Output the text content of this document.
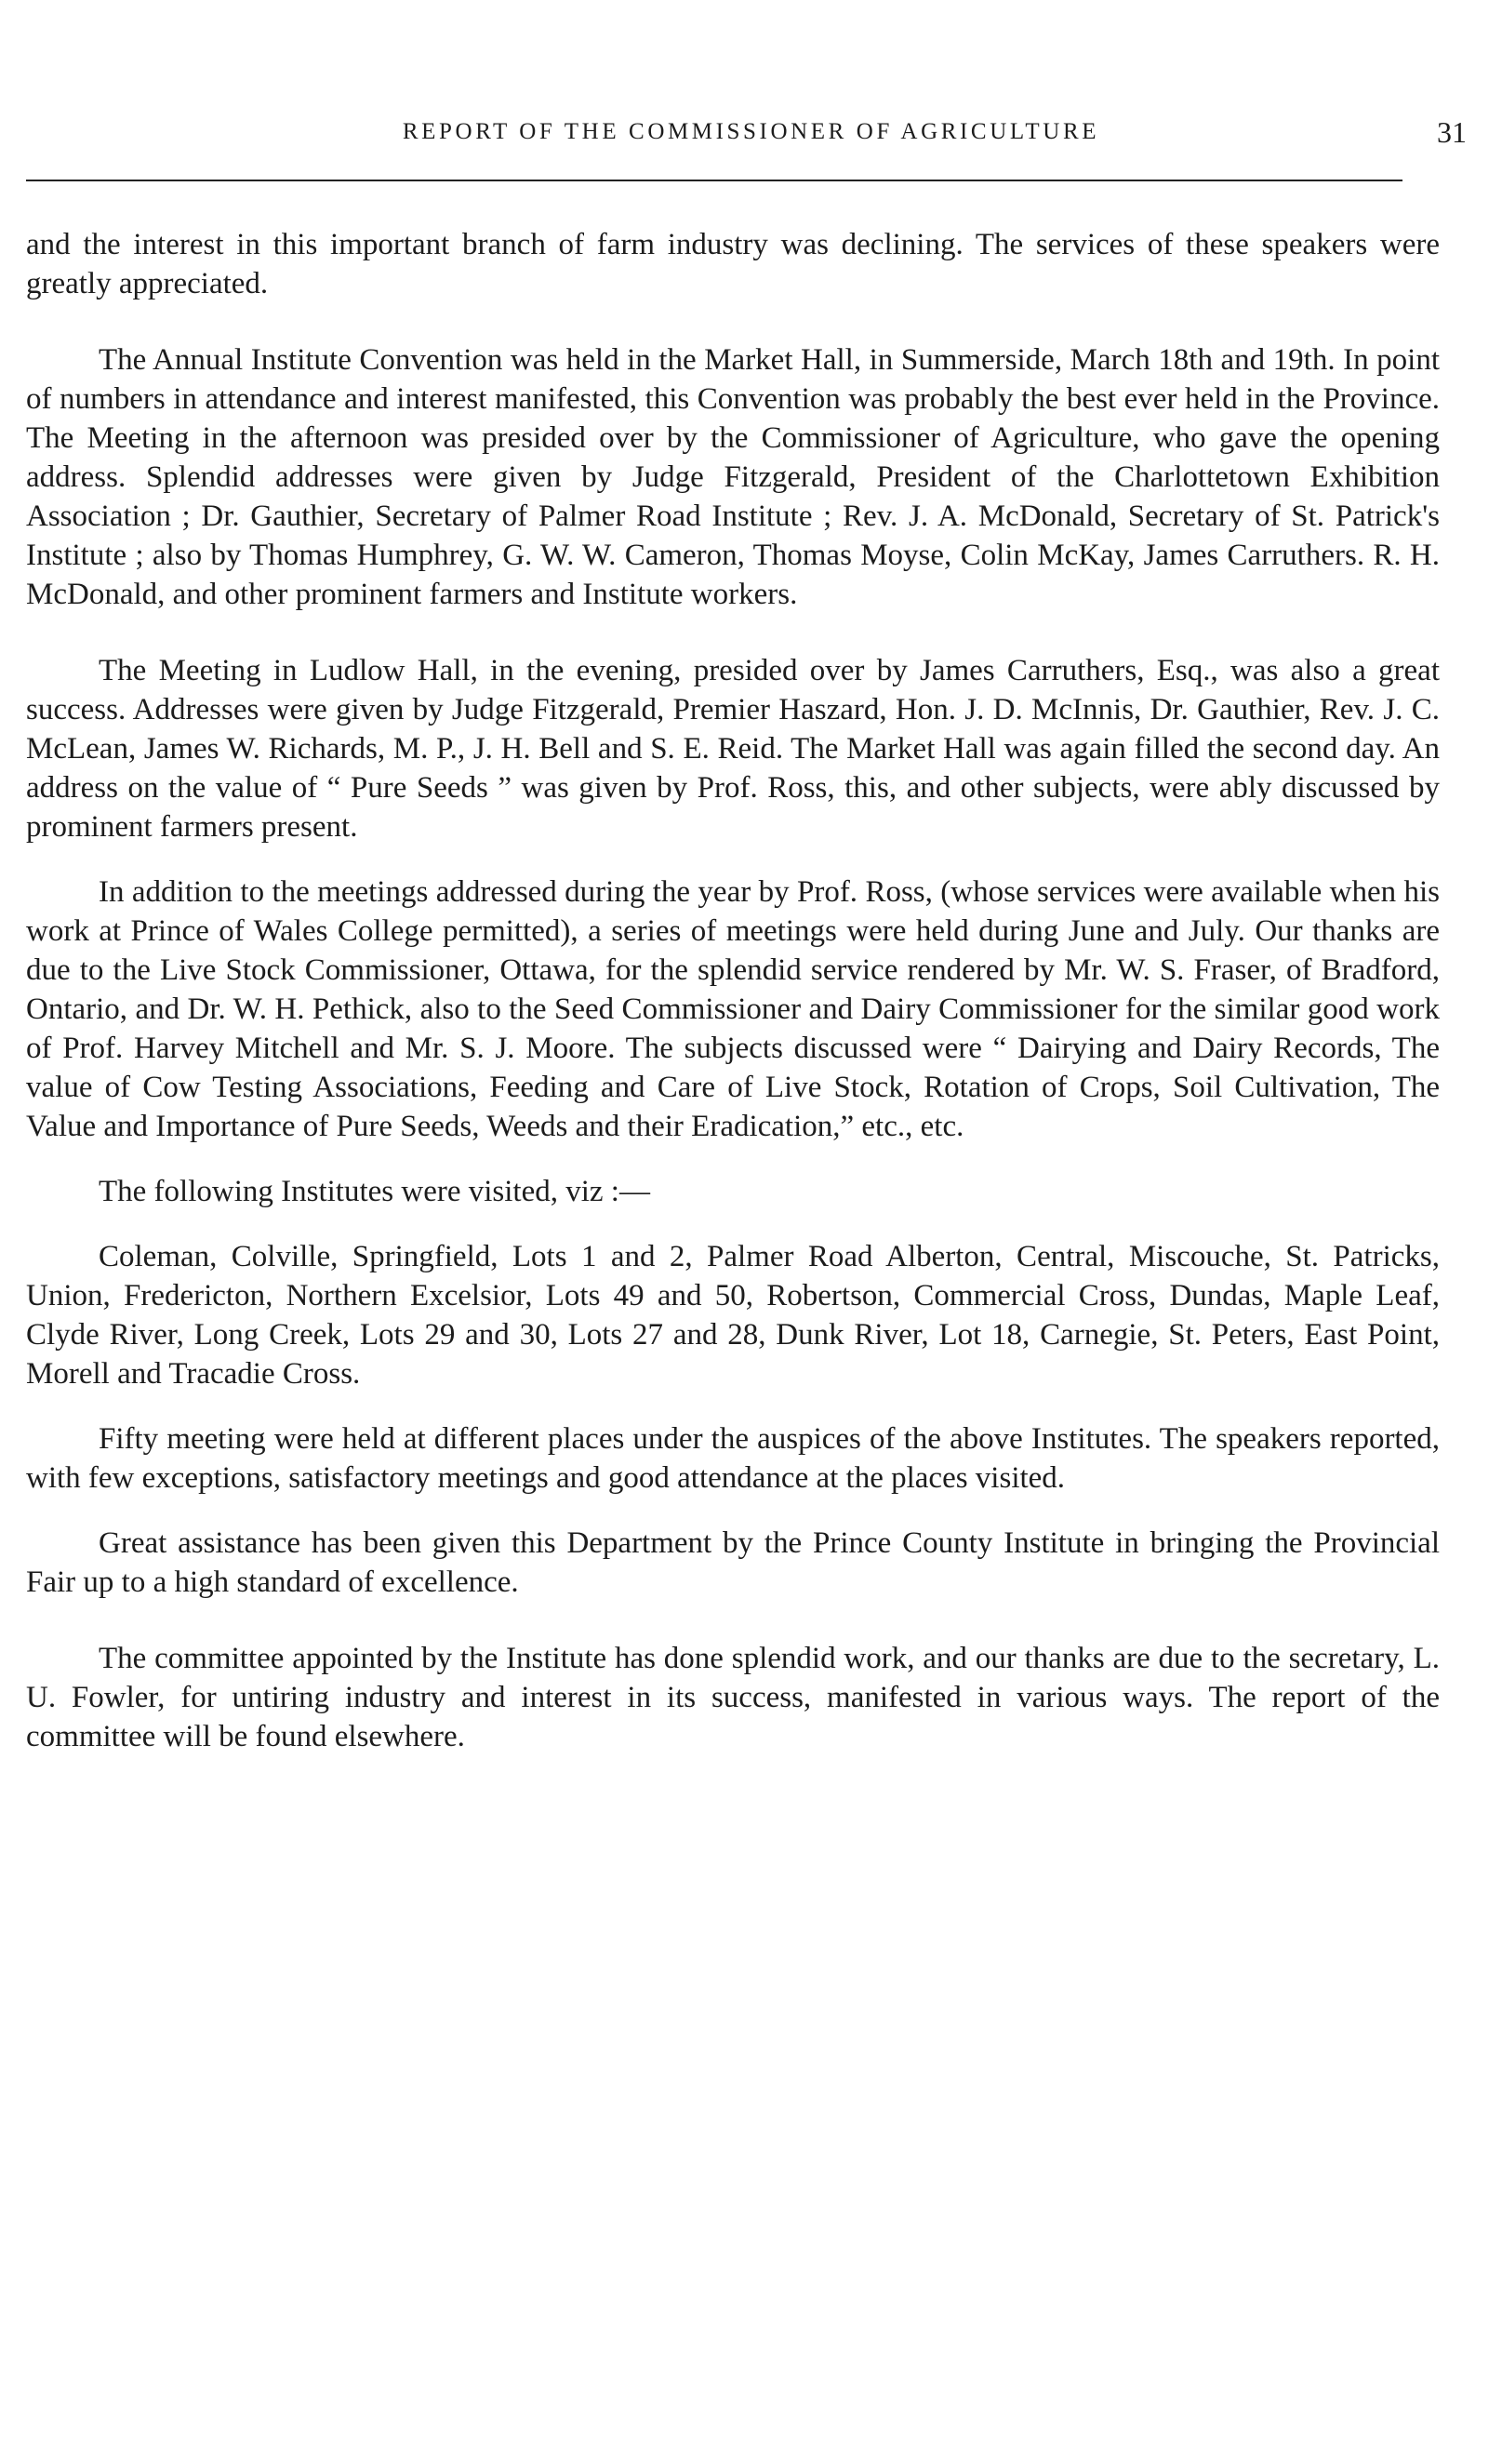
REPORT OF THE COMMISSIONER OF AGRICULTURE	31

and the interest in this important branch of farm industry was declining. The services of these speakers were greatly appreciated.

The Annual Institute Convention was held in the Market Hall, in Summerside, March 18th and 19th. In point of numbers in attendance and interest manifested, this Convention was probably the best ever held in the Province. The Meeting in the afternoon was presided over by the Commissioner of Agriculture, who gave the opening address. Splendid addresses were given by Judge Fitzgerald, President of the Charlottetown Exhibition Association ; Dr. Gauthier, Secretary of Palmer Road Institute ; Rev. J. A. McDonald, Secretary of St. Patrick's Institute ; also by Thomas Humphrey, G. W. W. Cameron, Thomas Moyse, Colin McKay, James Carruthers. R. H. McDonald, and other prominent farmers and Institute workers.

The Meeting in Ludlow Hall, in the evening, presided over by James Carruthers, Esq., was also a great success. Addresses were given by Judge Fitzgerald, Premier Haszard, Hon. J. D. McInnis, Dr. Gauthier, Rev. J. C. McLean, James W. Richards, M. P., J. H. Bell and S. E. Reid. The Market Hall was again filled the second day. An address on the value of “ Pure Seeds ” was given by Prof. Ross, this, and other subjects, were ably discussed by prominent farmers present.

In addition to the meetings addressed during the year by Prof. Ross, (whose services were available when his work at Prince of Wales College permitted), a series of meetings were held during June and July. Our thanks are due to the Live Stock Commissioner, Ottawa, for the splendid service rendered by Mr. W. S. Fraser, of Bradford, Ontario, and Dr. W. H. Pethick, also to the Seed Commissioner and Dairy Commissioner for the similar good work of Prof. Harvey Mitchell and Mr. S. J. Moore. The subjects discussed were “ Dairying and Dairy Records, The value of Cow Testing Associations, Feeding and Care of Live Stock, Rotation of Crops, Soil Cultivation, The Value and Importance of Pure Seeds, Weeds and their Eradication,” etc., etc.

The following Institutes were visited, viz :—

Coleman, Colville, Springfield, Lots 1 and 2, Palmer Road Alberton, Central, Miscouche, St. Patricks, Union, Fredericton, Northern Excelsior, Lots 49 and 50, Robertson, Commercial Cross, Dundas, Maple Leaf, Clyde River, Long Creek, Lots 29 and 30, Lots 27 and 28, Dunk River, Lot 18, Carnegie, St. Peters, East Point, Morell and Tracadie Cross.

Fifty meeting were held at different places under the auspices of the above Institutes. The speakers reported, with few exceptions, satisfactory meetings and good attendance at the places visited.

Great assistance has been given this Department by the Prince County Institute in bringing the Provincial Fair up to a high standard of excellence.

The committee appointed by the Institute has done splendid work, and our thanks are due to the secretary, L. U. Fowler, for untiring industry and interest in its success, manifested in various ways. The report of the committee will be found elsewhere.
